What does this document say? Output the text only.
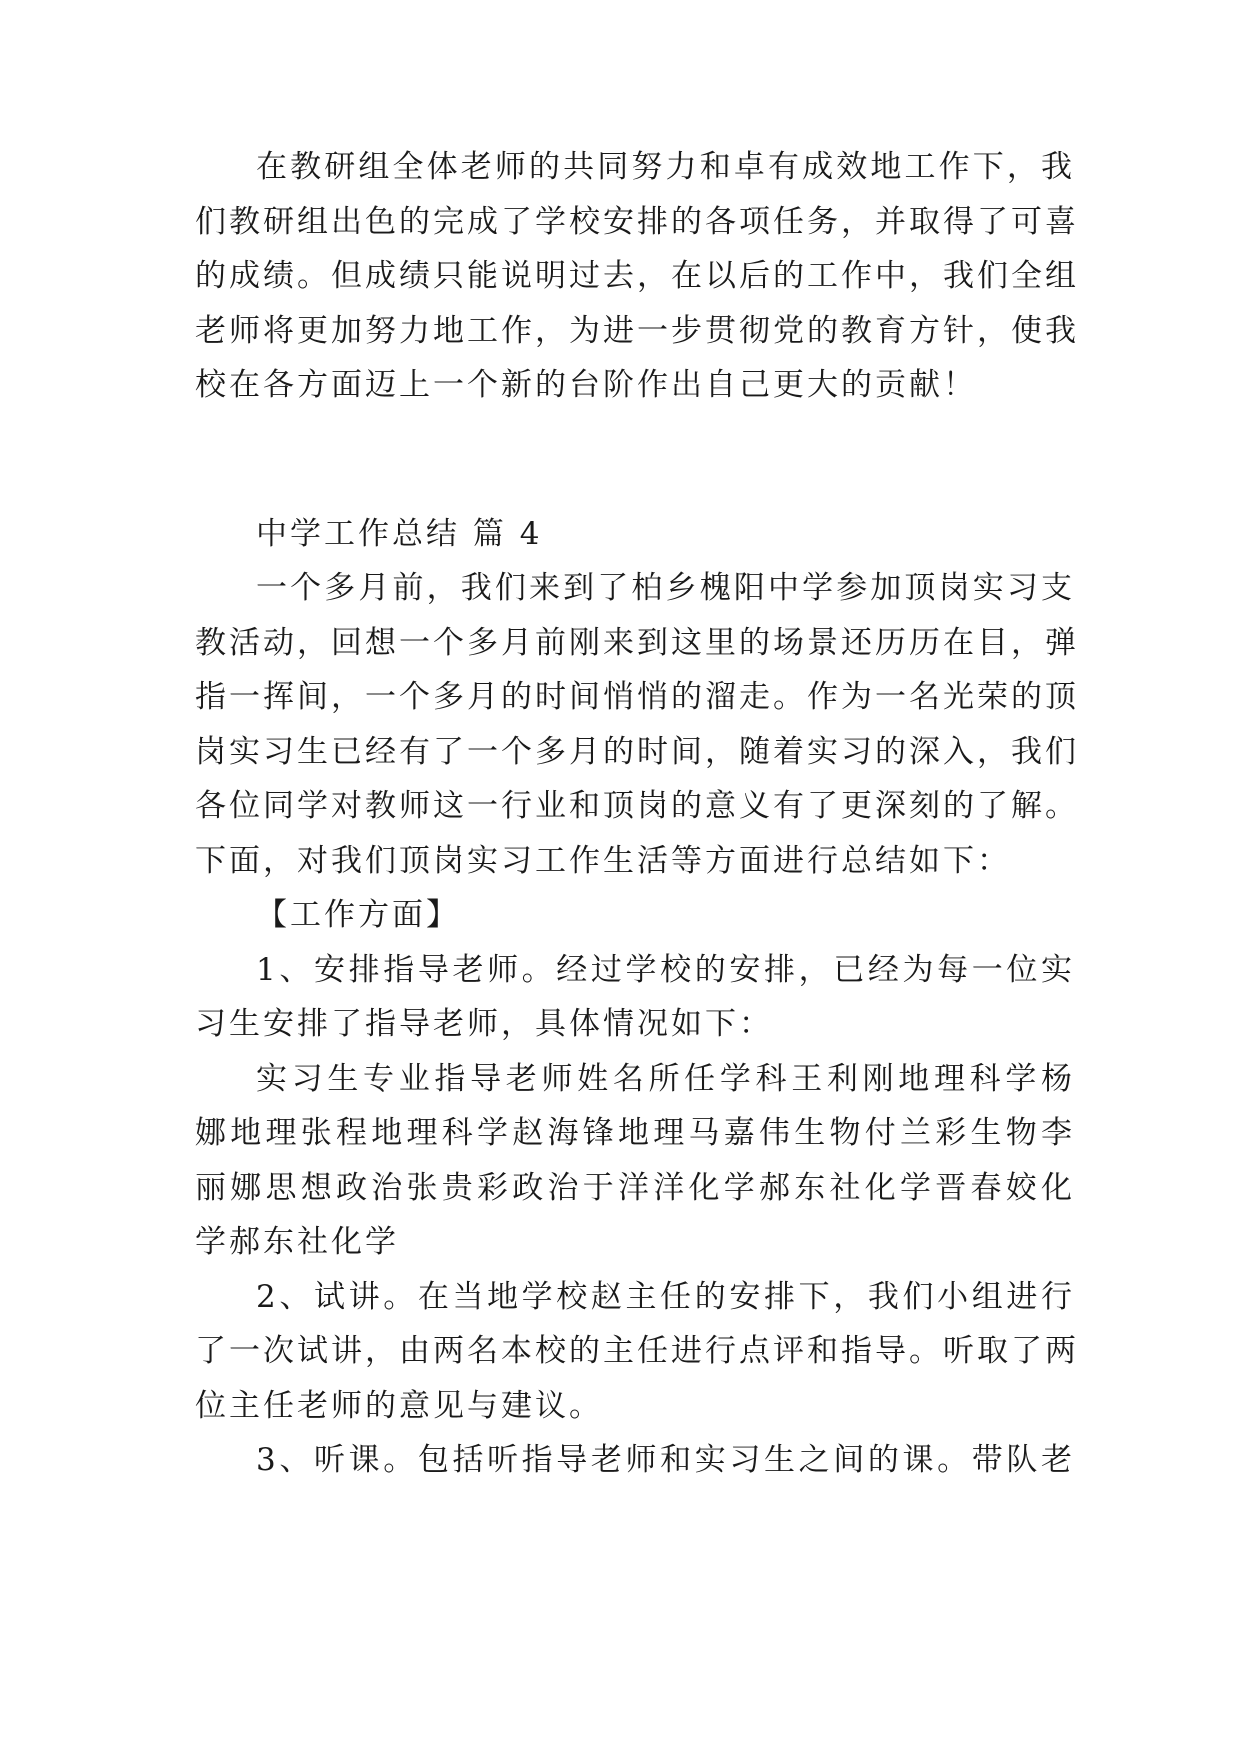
在教研组全体老师的共同努力和卓有成效地工作下，我
们教研组出色的完成了学校安排的各项任务，并取得了可喜
的成绩。但成绩只能说明过去，在以后的工作中，我们全组
老师将更加努力地工作，为进一步贯彻党的教育方针，使我
校在各方面迈上一个新的台阶作出自己更大的贡献！
中学工作总结 篇 4
一个多月前，我们来到了柏乡槐阳中学参加顶岗实习支
教活动，回想一个多月前刚来到这里的场景还历历在目，弹
指一挥间，一个多月的时间悄悄的溜走。作为一名光荣的顶
岗实习生已经有了一个多月的时间，随着实习的深入，我们
各位同学对教师这一行业和顶岗的意义有了更深刻的了解。
下面，对我们顶岗实习工作生活等方面进行总结如下：
【工作方面】
1、安排指导老师。经过学校的安排，已经为每一位实
习生安排了指导老师，具体情况如下：
实习生专业指导老师姓名所任学科王利刚地理科学杨
娜地理张程地理科学赵海锋地理马嘉伟生物付兰彩生物李
丽娜思想政治张贵彩政治于洋洋化学郝东社化学晋春姣化
学郝东社化学
2、试讲。在当地学校赵主任的安排下，我们小组进行
了一次试讲，由两名本校的主任进行点评和指导。听取了两
位主任老师的意见与建议。
3、听课。包括听指导老师和实习生之间的课。带队老
